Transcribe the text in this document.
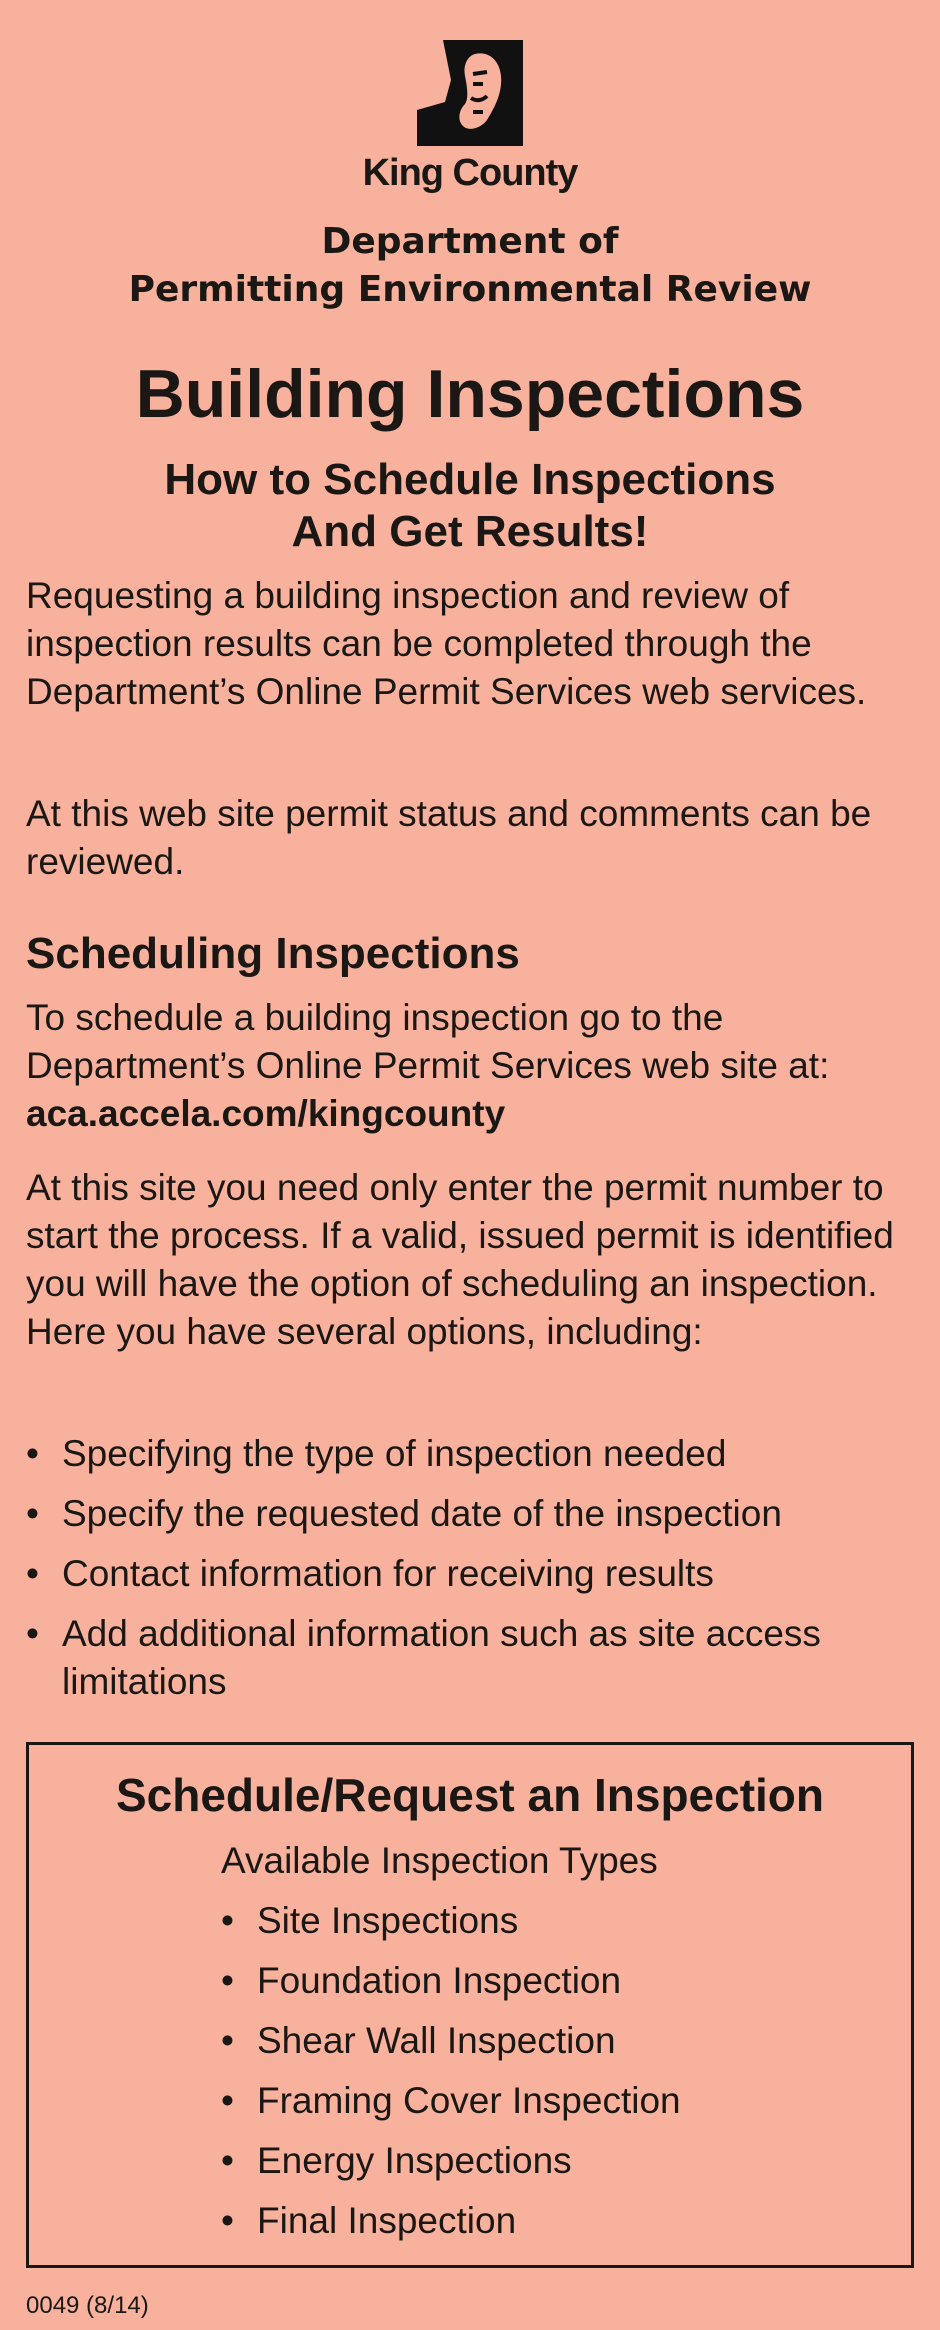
King County
Department of
Permitting Environmental Review
Building Inspections
How to Schedule Inspections
And Get Results!

Requesting a building inspection and review of inspection results can be completed through the Department’s Online Permit Services web services.

At this web site permit status and comments can be reviewed.

Scheduling Inspections

To schedule a building inspection go to the Department’s Online Permit Services web site at:
aca.accela.com/kingcounty

At this site you need only enter the permit number to start the process. If a valid, issued permit is identified you will have the option of scheduling an inspection. Here you have several options, including:

• Specifying the type of inspection needed
• Specify the requested date of the inspection
• Contact information for receiving results
• Add additional information such as site access limitations
Schedule/Request an Inspection
Available Inspection Types
• Site Inspections
• Foundation Inspection
• Shear Wall Inspection
• Framing Cover Inspection
• Energy Inspections
• Final Inspection
0049 (8/14)
